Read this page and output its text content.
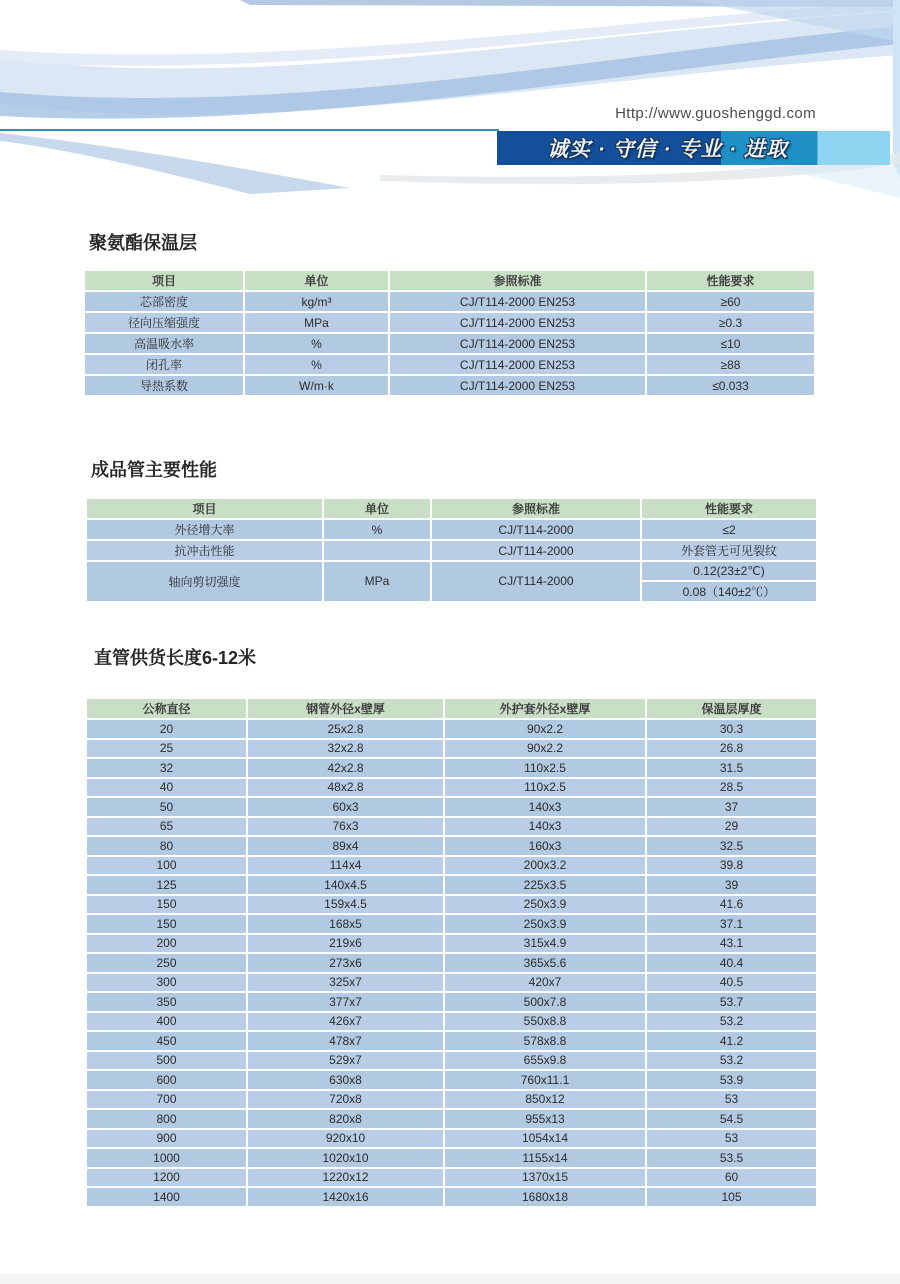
Http://www.guoshenggd.com
诚实 · 守信 · 专业 · 进取
聚氨酯保温层
项目	单位	参照标准	性能要求
芯部密度	kg/m³	CJ/T114-2000 EN253	≥60
径向压缩强度	MPa	CJ/T114-2000 EN253	≥0.3
高温吸水率	%	CJ/T114-2000 EN253	≤10
闭孔率	%	CJ/T114-2000 EN253	≥88
导热系数	W/m·k	CJ/T114-2000 EN253	≤0.033
成品管主要性能
项目	单位	参照标准	性能要求
外径增大率	%	CJ/T114-2000	≤2
抗冲击性能		CJ/T114-2000	外套管无可见裂纹
轴向剪切强度	MPa	CJ/T114-2000	0.12(23±2℃)
			0.08（140±2℃）
直管供货长度6-12米
公称直径	钢管外径x壁厚	外护套外径x壁厚	保温层厚度
20	25x2.8	90x2.2	30.3
25	32x2.8	90x2.2	26.8
32	42x2.8	110x2.5	31.5
40	48x2.8	110x2.5	28.5
50	60x3	140x3	37
65	76x3	140x3	29
80	89x4	160x3	32.5
100	114x4	200x3.2	39.8
125	140x4.5	225x3.5	39
150	159x4.5	250x3.9	41.6
150	168x5	250x3.9	37.1
200	219x6	315x4.9	43.1
250	273x6	365x5.6	40.4
300	325x7	420x7	40.5
350	377x7	500x7.8	53.7
400	426x7	550x8.8	53.2
450	478x7	578x8.8	41.2
500	529x7	655x9.8	53.2
600	630x8	760x11.1	53.9
700	720x8	850x12	53
800	820x8	955x13	54.5
900	920x10	1054x14	53
1000	1020x10	1155x14	53.5
1200	1220x12	1370x15	60
1400	1420x16	1680x18	105
